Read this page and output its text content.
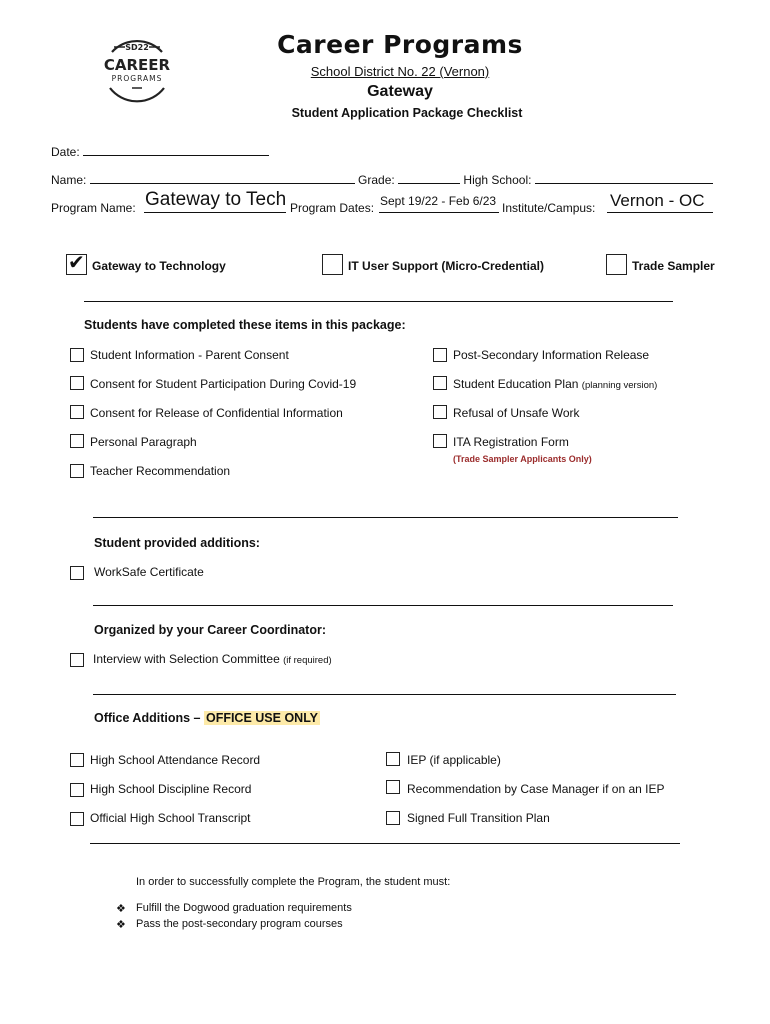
SD22
CAREER
PROGRAMS
Career Programs
School District No. 22 (Vernon)
Gateway
Student Application Package Checklist
Date:
Name:	Grade:	High School:
Program Name: Gateway to Tech Program Dates: Sept 19/22 - Feb 6/23 Institute/Campus: Vernon - OC
✔ Gateway to Technology	IT User Support (Micro-Credential)	Trade Sampler
Students have completed these items in this package:
Student Information - Parent Consent
Consent for Student Participation During Covid-19
Consent for Release of Confidential Information
Personal Paragraph
Teacher Recommendation
Post-Secondary Information Release
Student Education Plan (planning version)
Refusal of Unsafe Work
ITA Registration Form
(Trade Sampler Applicants Only)
Student provided additions:
WorkSafe Certificate
Organized by your Career Coordinator:
Interview with Selection Committee (if required)
Office Additions – OFFICE USE ONLY
High School Attendance Record
High School Discipline Record
Official High School Transcript
IEP (if applicable)
Recommendation by Case Manager if on an IEP
Signed Full Transition Plan
In order to successfully complete the Program, the student must:
❖ Fulfill the Dogwood graduation requirements
❖ Pass the post-secondary program courses
